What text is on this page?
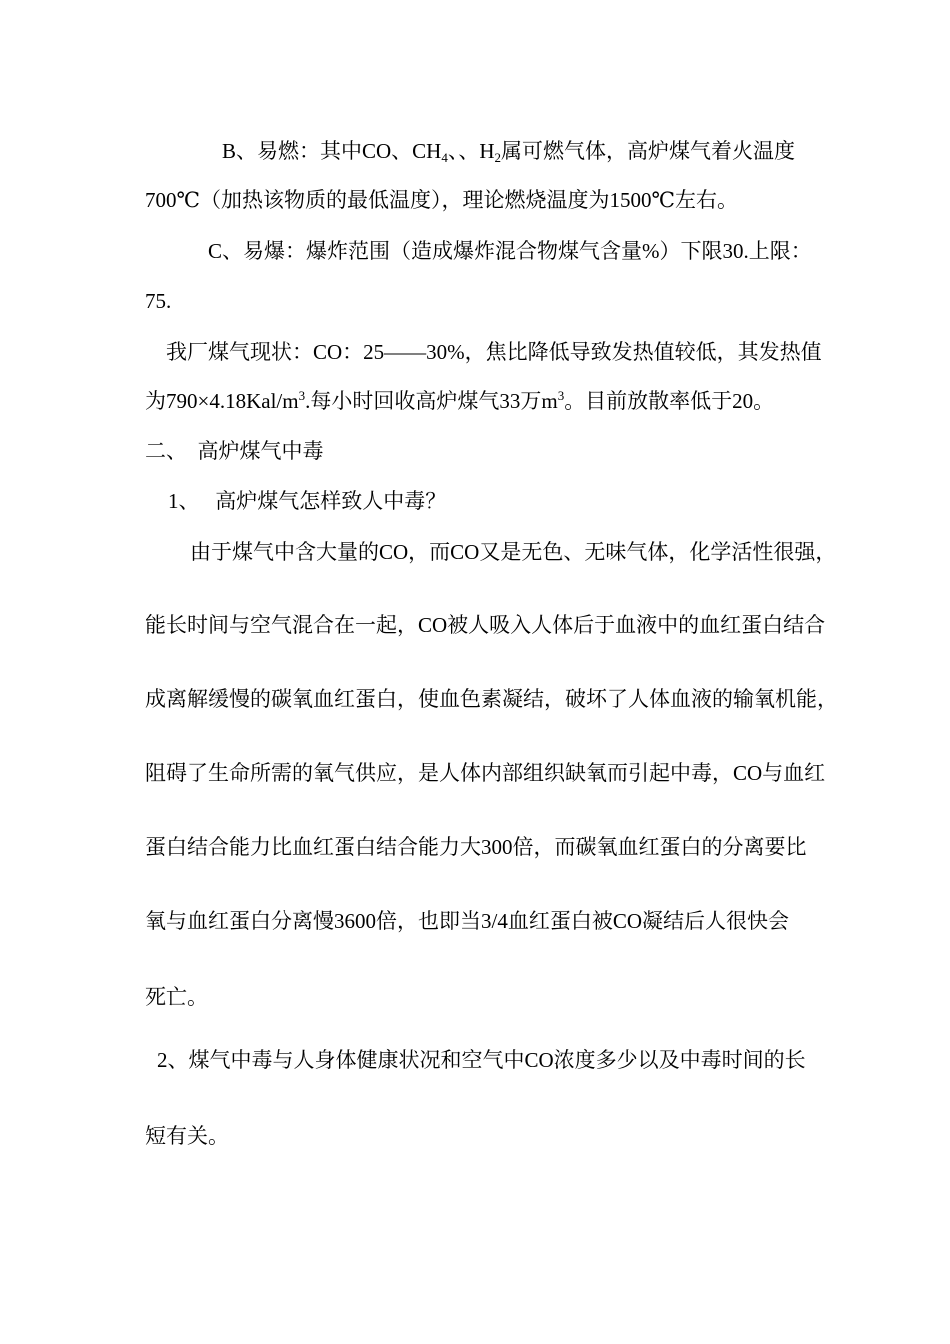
B、易燃：其中CO、$CH_4$、、$H_2$属可燃气体，高炉煤气着火温度
700℃（加热该物质的最低温度），理论燃烧温度为1500℃左右。
C、易爆：爆炸范围（造成爆炸混合物煤气含量%）下限30.上限：
75.
我厂煤气现状：CO：25——30%，焦比降低导致发热值较低，其发热值
为$790\times 4.18Kal/m^3$.每小时回收高炉煤气33万$m^3$。目前放散率低于20。
二、  高炉煤气中毒
1、   高炉煤气怎样致人中毒？
由于煤气中含大量的CO，而CO又是无色、无味气体，化学活性很强，
能长时间与空气混合在一起，CO被人吸入人体后于血液中的血红蛋白结合
成离解缓慢的碳氧血红蛋白，使血色素凝结，破坏了人体血液的输氧机能，
阻碍了生命所需的氧气供应，是人体内部组织缺氧而引起中毒，CO与血红
蛋白结合能力比血红蛋白结合能力大300倍，而碳氧血红蛋白的分离要比
氧与血红蛋白分离慢3600倍，也即当3/4血红蛋白被CO凝结后人很快会
死亡。
2、煤气中毒与人身体健康状况和空气中CO浓度多少以及中毒时间的长
短有关。
